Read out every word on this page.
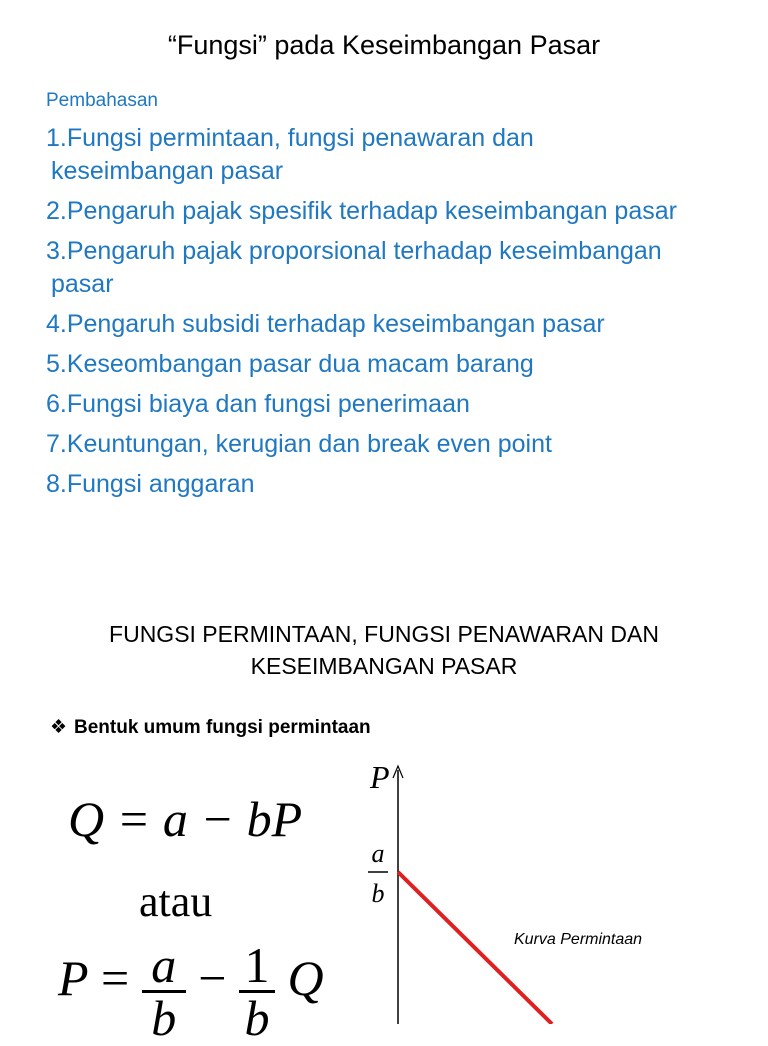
“Fungsi” pada Keseimbangan Pasar
Pembahasan
1.Fungsi permintaan, fungsi penawaran dan
keseimbangan pasar
2.Pengaruh pajak spesifik terhadap keseimbangan pasar
3.Pengaruh pajak proporsional terhadap keseimbangan
pasar
4.Pengaruh subsidi terhadap keseimbangan pasar
5.Keseombangan pasar dua macam barang
6.Fungsi biaya dan fungsi penerimaan
7.Keuntungan, kerugian dan break even point
8.Fungsi anggaran
FUNGSI PERMINTAAN, FUNGSI PENAWARAN DAN
KESEIMBANGAN PASAR
❖ Bentuk umum fungsi permintaan
Q = a − bP
atau
$P = \frac{a}{b} - \frac{1}{b}$ Q
P
a
b
Kurva Permintaan
